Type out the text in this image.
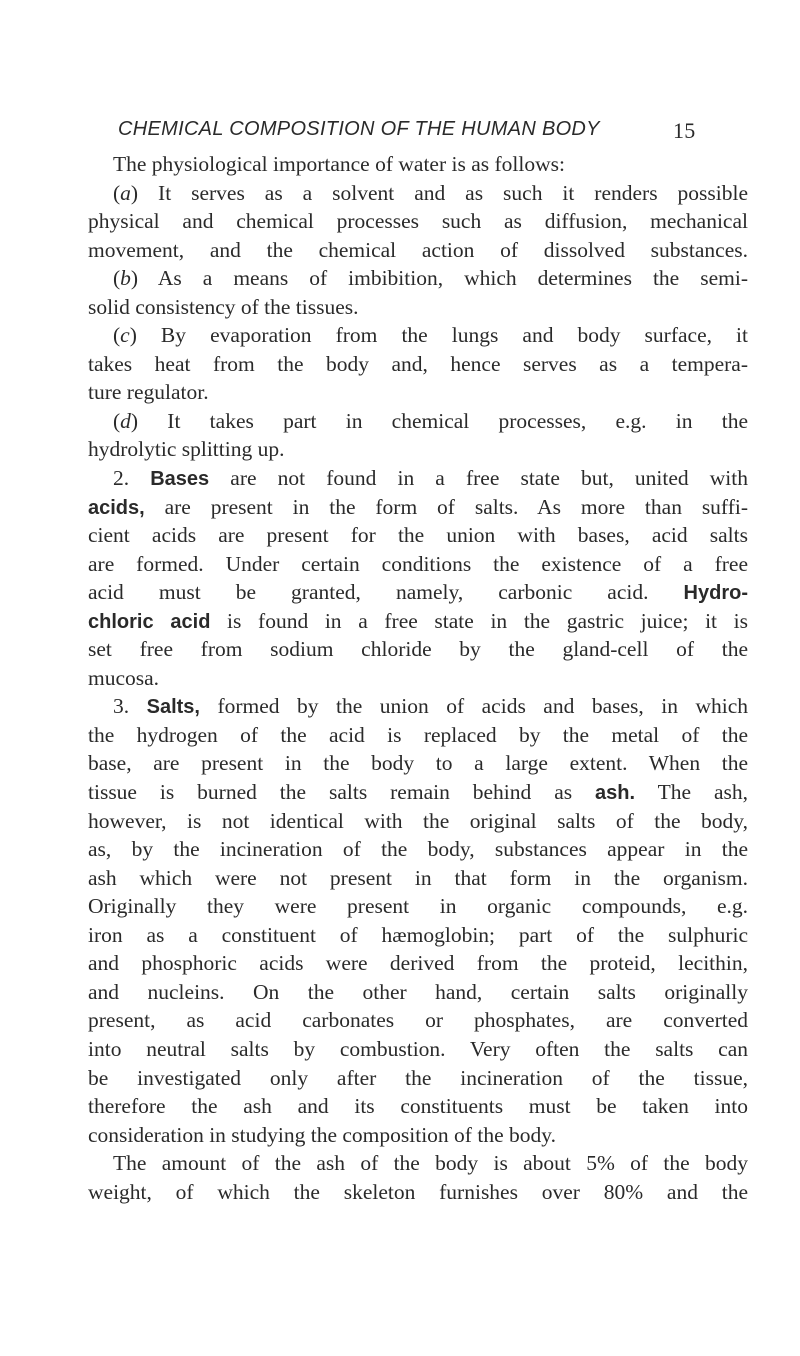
CHEMICAL COMPOSITION OF THE HUMAN BODY	15
The physiological importance of water is as follows:
(a) It serves as a solvent and as such it renders possible
physical and chemical processes such as diffusion, mechanical
movement, and the chemical action of dissolved substances.
(b) As a means of imbibition, which determines the semi-
solid consistency of the tissues.
(c) By evaporation from the lungs and body surface, it
takes heat from the body and, hence serves as a tempera-
ture regulator.
(d) It takes part in chemical processes, e.g. in the
hydrolytic splitting up.
2. Bases are not found in a free state but, united with
acids, are present in the form of salts. As more than suffi-
cient acids are present for the union with bases, acid salts
are formed. Under certain conditions the existence of a free
acid must be granted, namely, carbonic acid. Hydro-
chloric acid is found in a free state in the gastric juice; it is
set free from sodium chloride by the gland-cell of the
mucosa.
3. Salts, formed by the union of acids and bases, in which
the hydrogen of the acid is replaced by the metal of the
base, are present in the body to a large extent. When the
tissue is burned the salts remain behind as ash. The ash,
however, is not identical with the original salts of the body,
as, by the incineration of the body, substances appear in the
ash which were not present in that form in the organism.
Originally they were present in organic compounds, e.g.
iron as a constituent of hæmoglobin; part of the sulphuric
and phosphoric acids were derived from the proteid, lecithin,
and nucleins. On the other hand, certain salts originally
present, as acid carbonates or phosphates, are converted
into neutral salts by combustion. Very often the salts can
be investigated only after the incineration of the tissue,
therefore the ash and its constituents must be taken into
consideration in studying the composition of the body.
The amount of the ash of the body is about 5% of the body
weight, of which the skeleton furnishes over 80% and the
